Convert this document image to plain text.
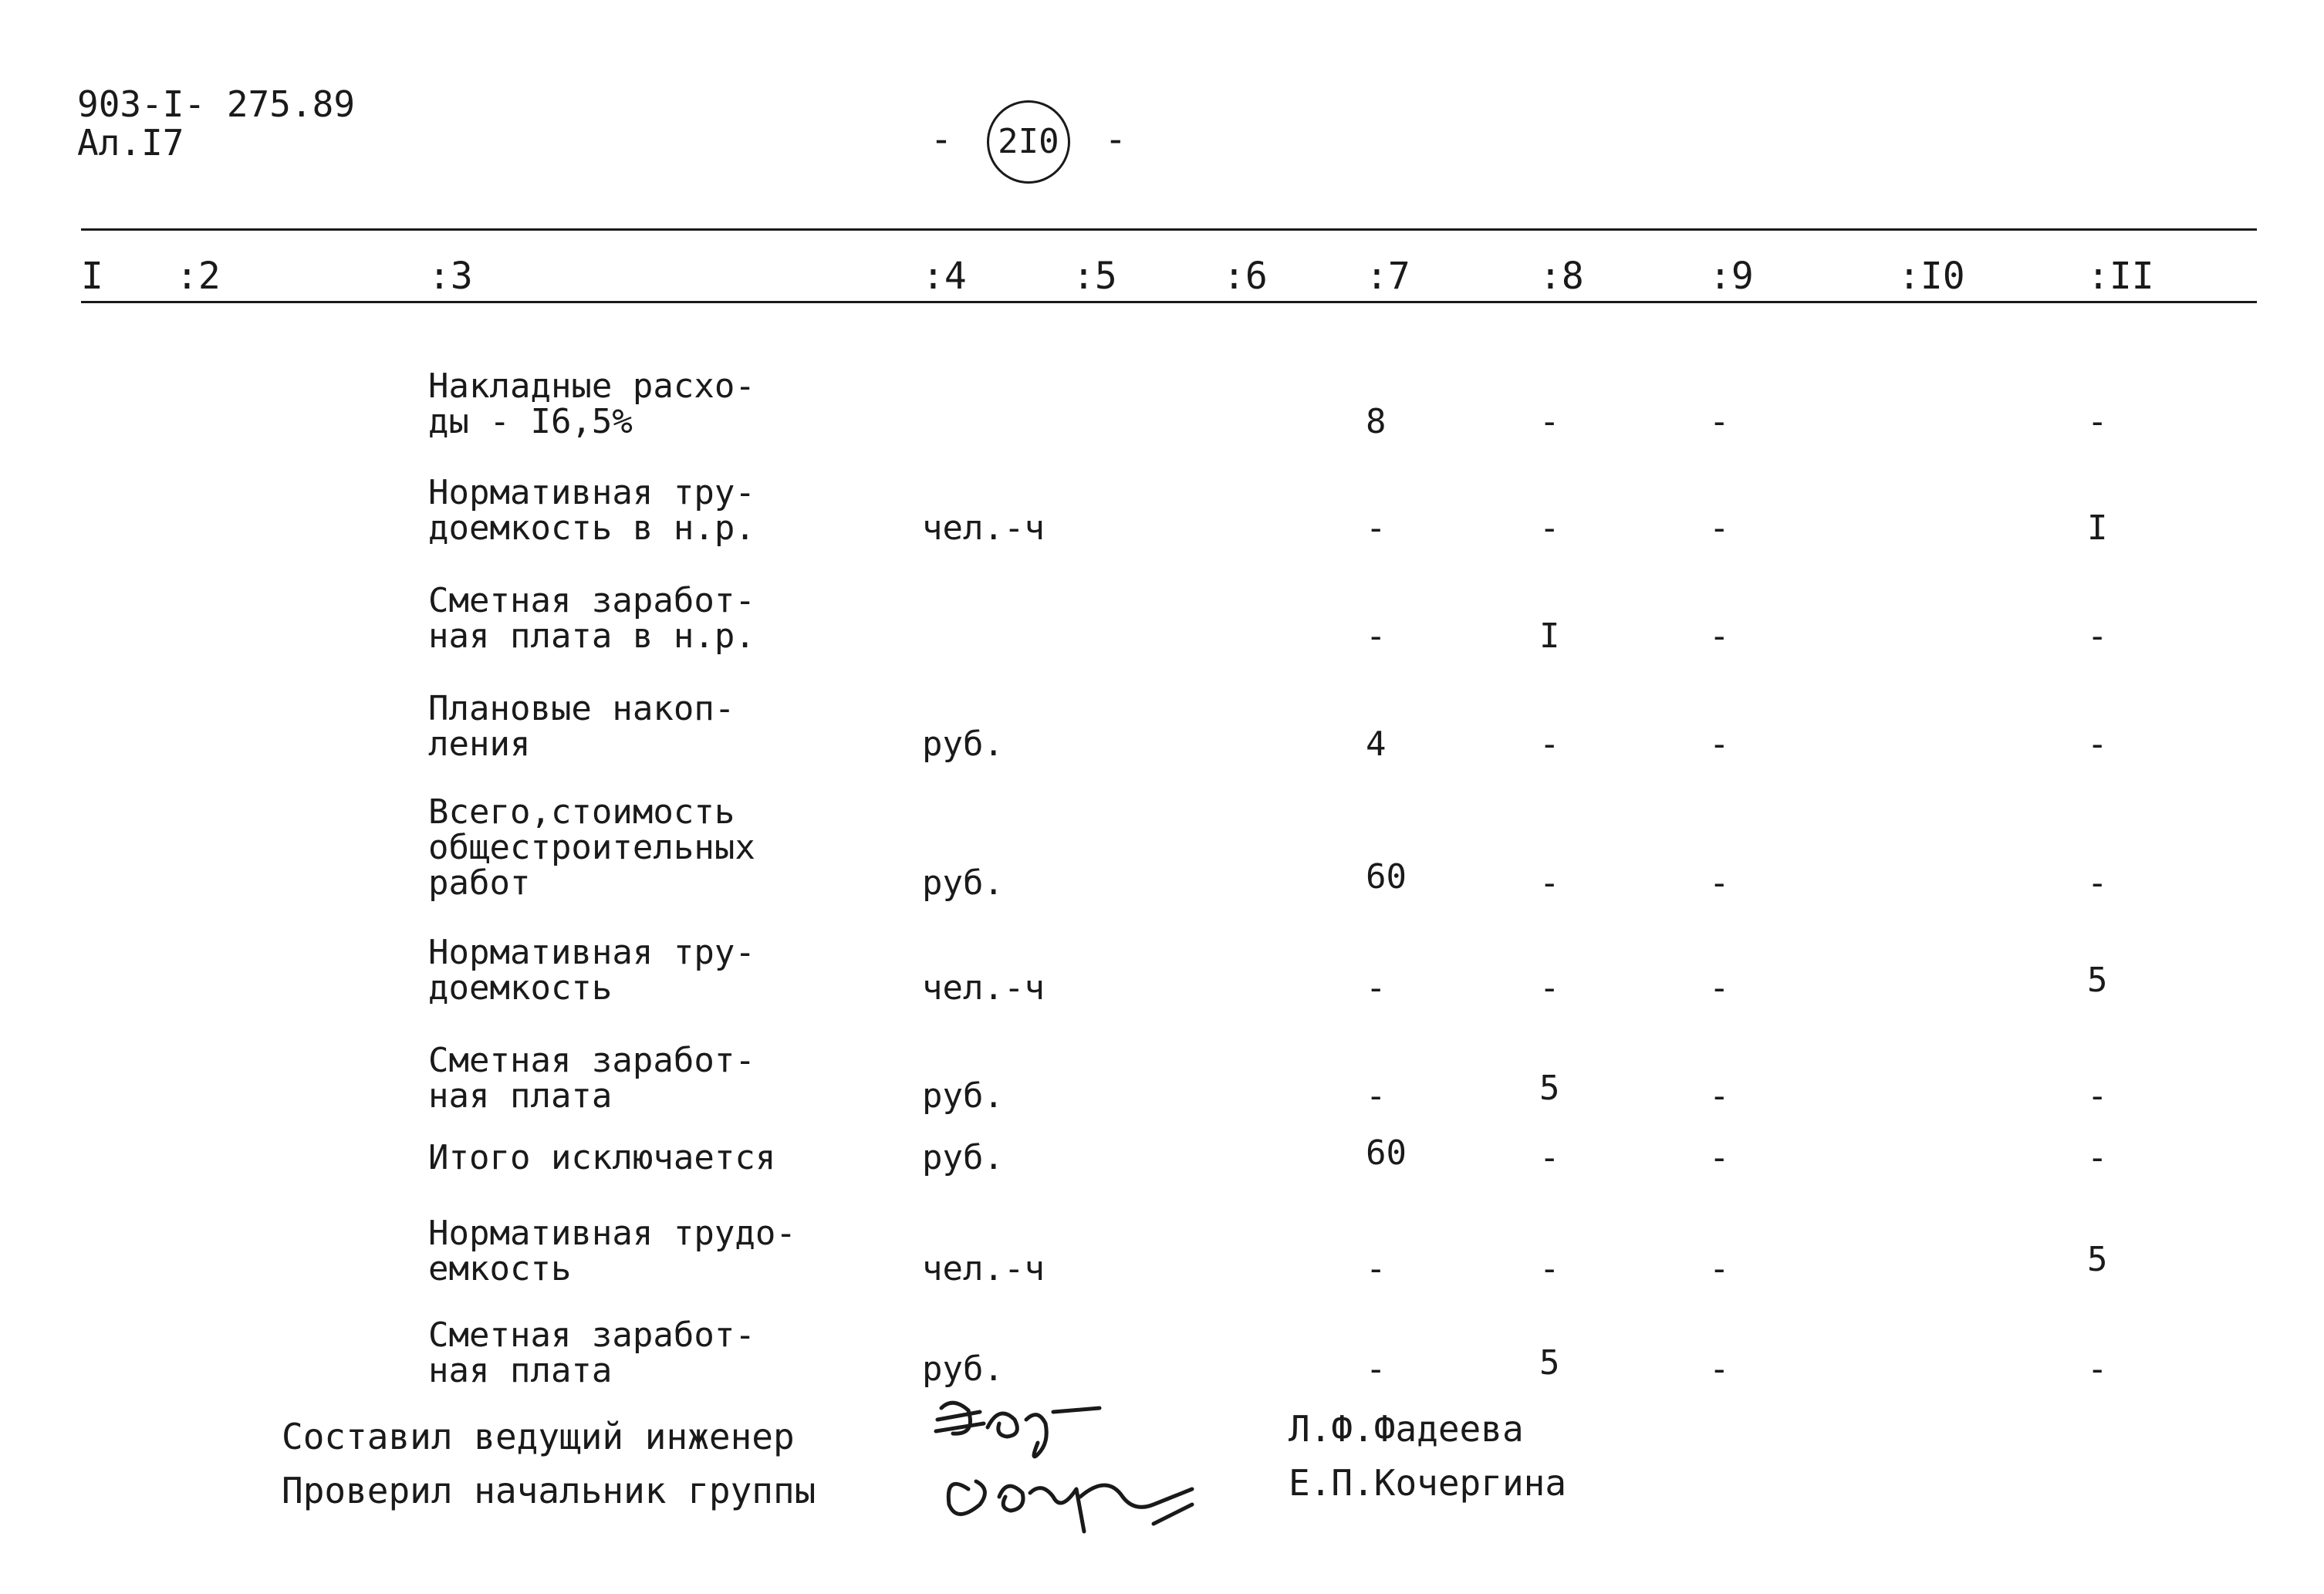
903-I- 275.89
Ал.I7	- 2I0 -
I :2	:3	:4	:5	:6	:7	:8	:9	:I0	:II
Накладные расхо-
ды - I6,5%	8	-	-	-
Нормативная тру-
доемкость в н.р.	чел.-ч	-	-	-	I
Сметная заработ-
ная плата в н.р.	-	I	-	-
Плановые накоп-
ления	руб.	4	-	-	-
Всего,стоимость
общестроительных
работ	руб.	60	-	-	-
Нормативная тру-
доемкость	чел.-ч	-	-	-	5
Сметная заработ-
ная плата	руб.	-	5	-	-
Итого исключается	руб.	60	-	-	-
Нормативная трудо-
емкость	чел.-ч	-	-	-	5
Сметная заработ-
ная плата	руб.	-	5	-	-
Составил ведущий инженер	Л.Ф.Фадеева
Проверил начальник группы	Е.П.Кочергина
